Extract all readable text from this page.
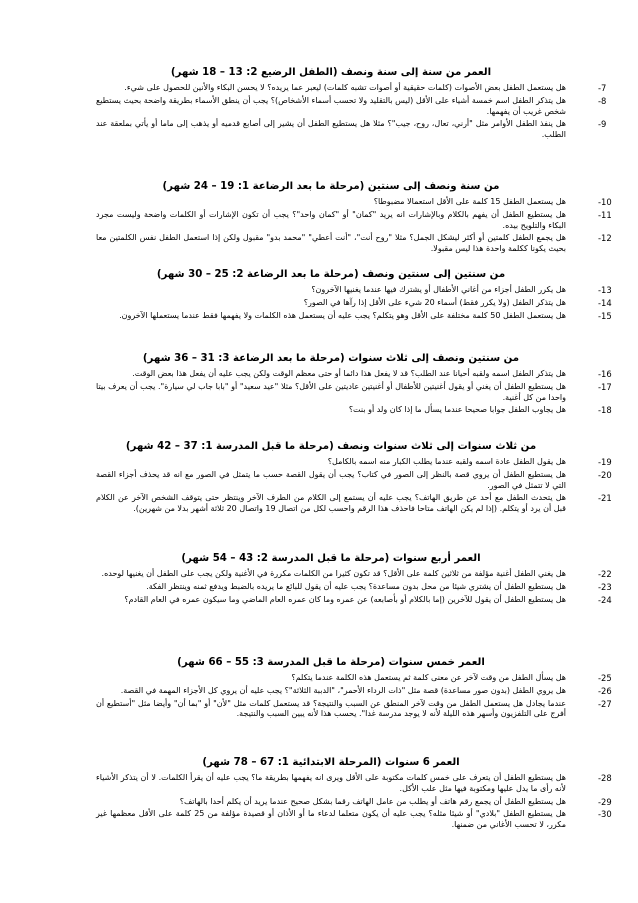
العمر من سنة إلى سنة ونصف (الطفل الرضيع 2: 13 – 18 شهر)
-7
هل يستعمل الطفل بعض الأصوات (كلمات حقيقية أو أصوات تشبه كلمات) ليعبر عما يريده؟ لا يحسن البكاء والأنين للحصول على شيء.
-8
هل يتذكر الطفل اسم خمسة أشياء على الأقل (ليس بالتقليد ولا تحسب أسماء الأشخاص)؟ يجب أن ينطق الأسماء بطريقة واضحة بحيث يستطيع شخص غريب أن يفهمها.
-9
هل ينفذ الطفل الأوامر مثل "أرني، تعال، روح، جيب"؟ مثلا هل يستطيع الطفل أن يشير إلى أصابع قدميه أو يذهب إلى ماما أو يأتي بملعقة عند الطلب.
من سنة ونصف إلى سنتين (مرحلة ما بعد الرضاعة 1: 19 – 24 شهر)
-10
هل يستعمل الطفل 15 كلمة على الأقل استعمالا مضبوطا؟
-11
هل يستطيع الطفل أن يفهم بالكلام وبالإشارات انه يريد "كمان" أو "كمان واحد"؟ يجب أن تكون الإشارات أو الكلمات واضحة وليست مجرد البكاء والتلويح بيده.
-12
هل يجمع الطفل كلمتين أو أكثر ليشكل الجمل؟ مثلا "روح أنت"، "أنت أعطي" "محمد بدو" مقبول ولكن إذا استعمل الطفل نفس الكلمتين معا بحيث يكونا ككلمة واحدة هذا ليس مقبولا.
من سنتين إلى سنتين ونصف (مرحلة ما بعد الرضاعة 2: 25 – 30 شهر)
-13
هل يكرر الطفل أجزاء من أغاني الأطفال أو يشترك فيها عندما يغنيها الآخرون؟
-14
هل يتذكر الطفل (ولا يكرر فقط) أسماء 20 شيء على الأقل إذا رآها في الصور؟
-15
هل يستعمل الطفل 50 كلمة مختلفة على الأقل وهو يتكلم؟ يجب عليه أن يستعمل هذه الكلمات ولا يفهمها فقط عندما يستعملها الآخرون.
من سنتين ونصف إلى ثلاث سنوات (مرحلة ما بعد الرضاعة 3: 31 – 36 شهر)
-16
هل يتذكر الطفل اسمه ولقبه أحيانا عند الطلب؟ قد لا يفعل هذا دائما أو حتى معظم الوقت ولكن يجب عليه أن يفعل هذا بعض الوقت.
-17
هل يستطيع الطفل أن يغني أو يقول أغنيتين للأطفال أو أغنيتين عاديتين على الأقل؟ مثلا "عيد سعيد" أو "بابا جاب لي سيارة". يجب أن يعرف بيتا واحدا من كل أغنية.
-18
هل يجاوب الطفل جوابا صحيحا عندما يسأل ما إذا كان ولد أو بنت؟
من ثلاث سنوات إلى ثلاث سنوات ونصف (مرحلة ما قبل المدرسة 1: 37 – 42 شهر)
-19
هل يقول الطفل عادة اسمه ولقبه عندما يطلب الكبار منه اسمه بالكامل؟
-20
هل يستطيع الطفل أن يروي قصة بالنظر إلى الصور في كتاب؟ يجب أن يقول القصة حسب ما يتمثل في الصور مع انه قد يحذف أجزاء القصة التي لا تتمثل في الصور.
-21
هل يتحدث الطفل مع أحد عن طريق الهاتف؟ يجب عليه أن يستمع إلى الكلام من الطرف الآخر وينتظر حتى يتوقف الشخص الآخر عن الكلام قبل أن يرد أو يتكلم. (إذا لم يكن الهاتف متاحا فاحذف هذا الرقم واحسب لكل من اتصال 19 واتصال 20 ثلاثة أشهر بدلا من شهرين).
العمر أربع سنوات (مرحلة ما قبل المدرسة 2: 43 – 54 شهر)
-22
هل يغني الطفل أغنية مؤلفة من ثلاثين كلمة على الأقل؟ قد تكون كثيرا من الكلمات مكررة في الأغنية ولكن يجب على الطفل أن يغنيها لوحده.
-23
هل يستطيع الطفل أن يشتري شيئا من محل بدون مساعدة؟ يجب عليه أن يقول للبائع ما يريده بالضبط ويدفع ثمنه وينتظر الفكة.
-24
هل يستطيع الطفل أن يقول للآخرين (إما بالكلام أو بأصابعه) عن عمره وما كان عمره العام الماضي وما سيكون عمره في العام القادم؟
العمر خمس سنوات (مرحلة ما قبل المدرسة 3: 55 – 66 شهر)
-25
هل يسأل الطفل من وقت لآخر عن معنى كلمة ثم يستعمل هذه الكلمة عندما يتكلم؟
-26
هل يروي الطفل (بدون صور مساعدة) قصة مثل "ذات الرداء الأحمر"، "الدببة الثلاثة"؟ يجب عليه أن يروي كل الأجزاء المهمة في القصة.
-27
عندما يجادل هل يستعمل الطفل من وقت لآخر المنطق عن السبب والنتيجة؟ قد يستعمل كلمات مثل "لأن" أو "بما أن" وأيضا مثل "أستطيع أن أفرج على التلفزيون وأسهر هذه الليلة لأنه لا يوجد مدرسة غدا". يحسب هذا لأنه يبين السبب والنتيجة.
العمر 6 سنوات (المرحلة الابتدائية 1: 67 – 78 شهر)
-28
هل يستطيع الطفل أن يتعرف على خمس كلمات مكتوبة على الأقل ويرى انه يفهمها بطريقة ما؟ يجب عليه أن يقرأ الكلمات. لا أن يتذكر الأشياء لأنه رأى ما يدل عليها ومكتوبة فيها مثل علب الأكل.
-29
هل يستطيع الطفل أن يجمع رقم هاتف أو يطلب من عامل الهاتف رقما بشكل صحيح عندما يريد أن يكلم أحدا بالهاتف؟
-30
هل يستطيع الطفل "بلادي" أو شيئا مثله؟ يجب عليه أن يكون متعلما لدعاء ما أو الأذان أو قصيدة مؤلفة من 25 كلمة على الأقل معظمها غير مكرر، لا تحسب الأغاني من ضمنها.
